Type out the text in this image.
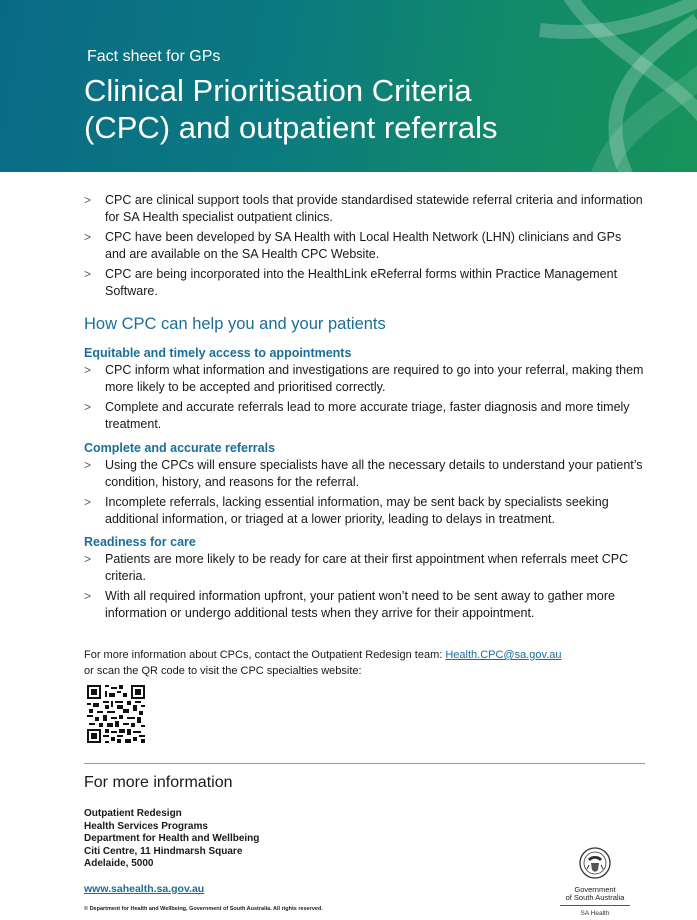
Fact sheet for GPs
Clinical Prioritisation Criteria
(CPC) and outpatient referrals
> CPC are clinical support tools that provide standardised statewide referral criteria and information for SA Health specialist outpatient clinics.
> CPC have been developed by SA Health with Local Health Network (LHN) clinicians and GPs and are available on the SA Health CPC Website.
> CPC are being incorporated into the HealthLink eReferral forms within Practice Management Software.
How CPC can help you and your patients
Equitable and timely access to appointments
> CPC inform what information and investigations are required to go into your referral, making them more likely to be accepted and prioritised correctly.
> Complete and accurate referrals lead to more accurate triage, faster diagnosis and more timely treatment.
Complete and accurate referrals
> Using the CPCs will ensure specialists have all the necessary details to understand your patient’s condition, history, and reasons for the referral.
> Incomplete referrals, lacking essential information, may be sent back by specialists seeking additional information, or triaged at a lower priority, leading to delays in treatment.
Readiness for care
> Patients are more likely to be ready for care at their first appointment when referrals meet CPC criteria.
> With all required information upfront, your patient won’t need to be sent away to gather more information or undergo additional tests when they arrive for their appointment.
For more information about CPCs, contact the Outpatient Redesign team: Health.CPC@sa.gov.au
or scan the QR code to visit the CPC specialties website:
For more information
Outpatient Redesign
Health Services Programs
Department for Health and Wellbeing
Citi Centre, 11 Hindmarsh Square
Adelaide, 5000
www.sahealth.sa.gov.au
© Department for Health and Wellbeing, Government of South Australia. All rights reserved.
Government
of South Australia
SA Health
